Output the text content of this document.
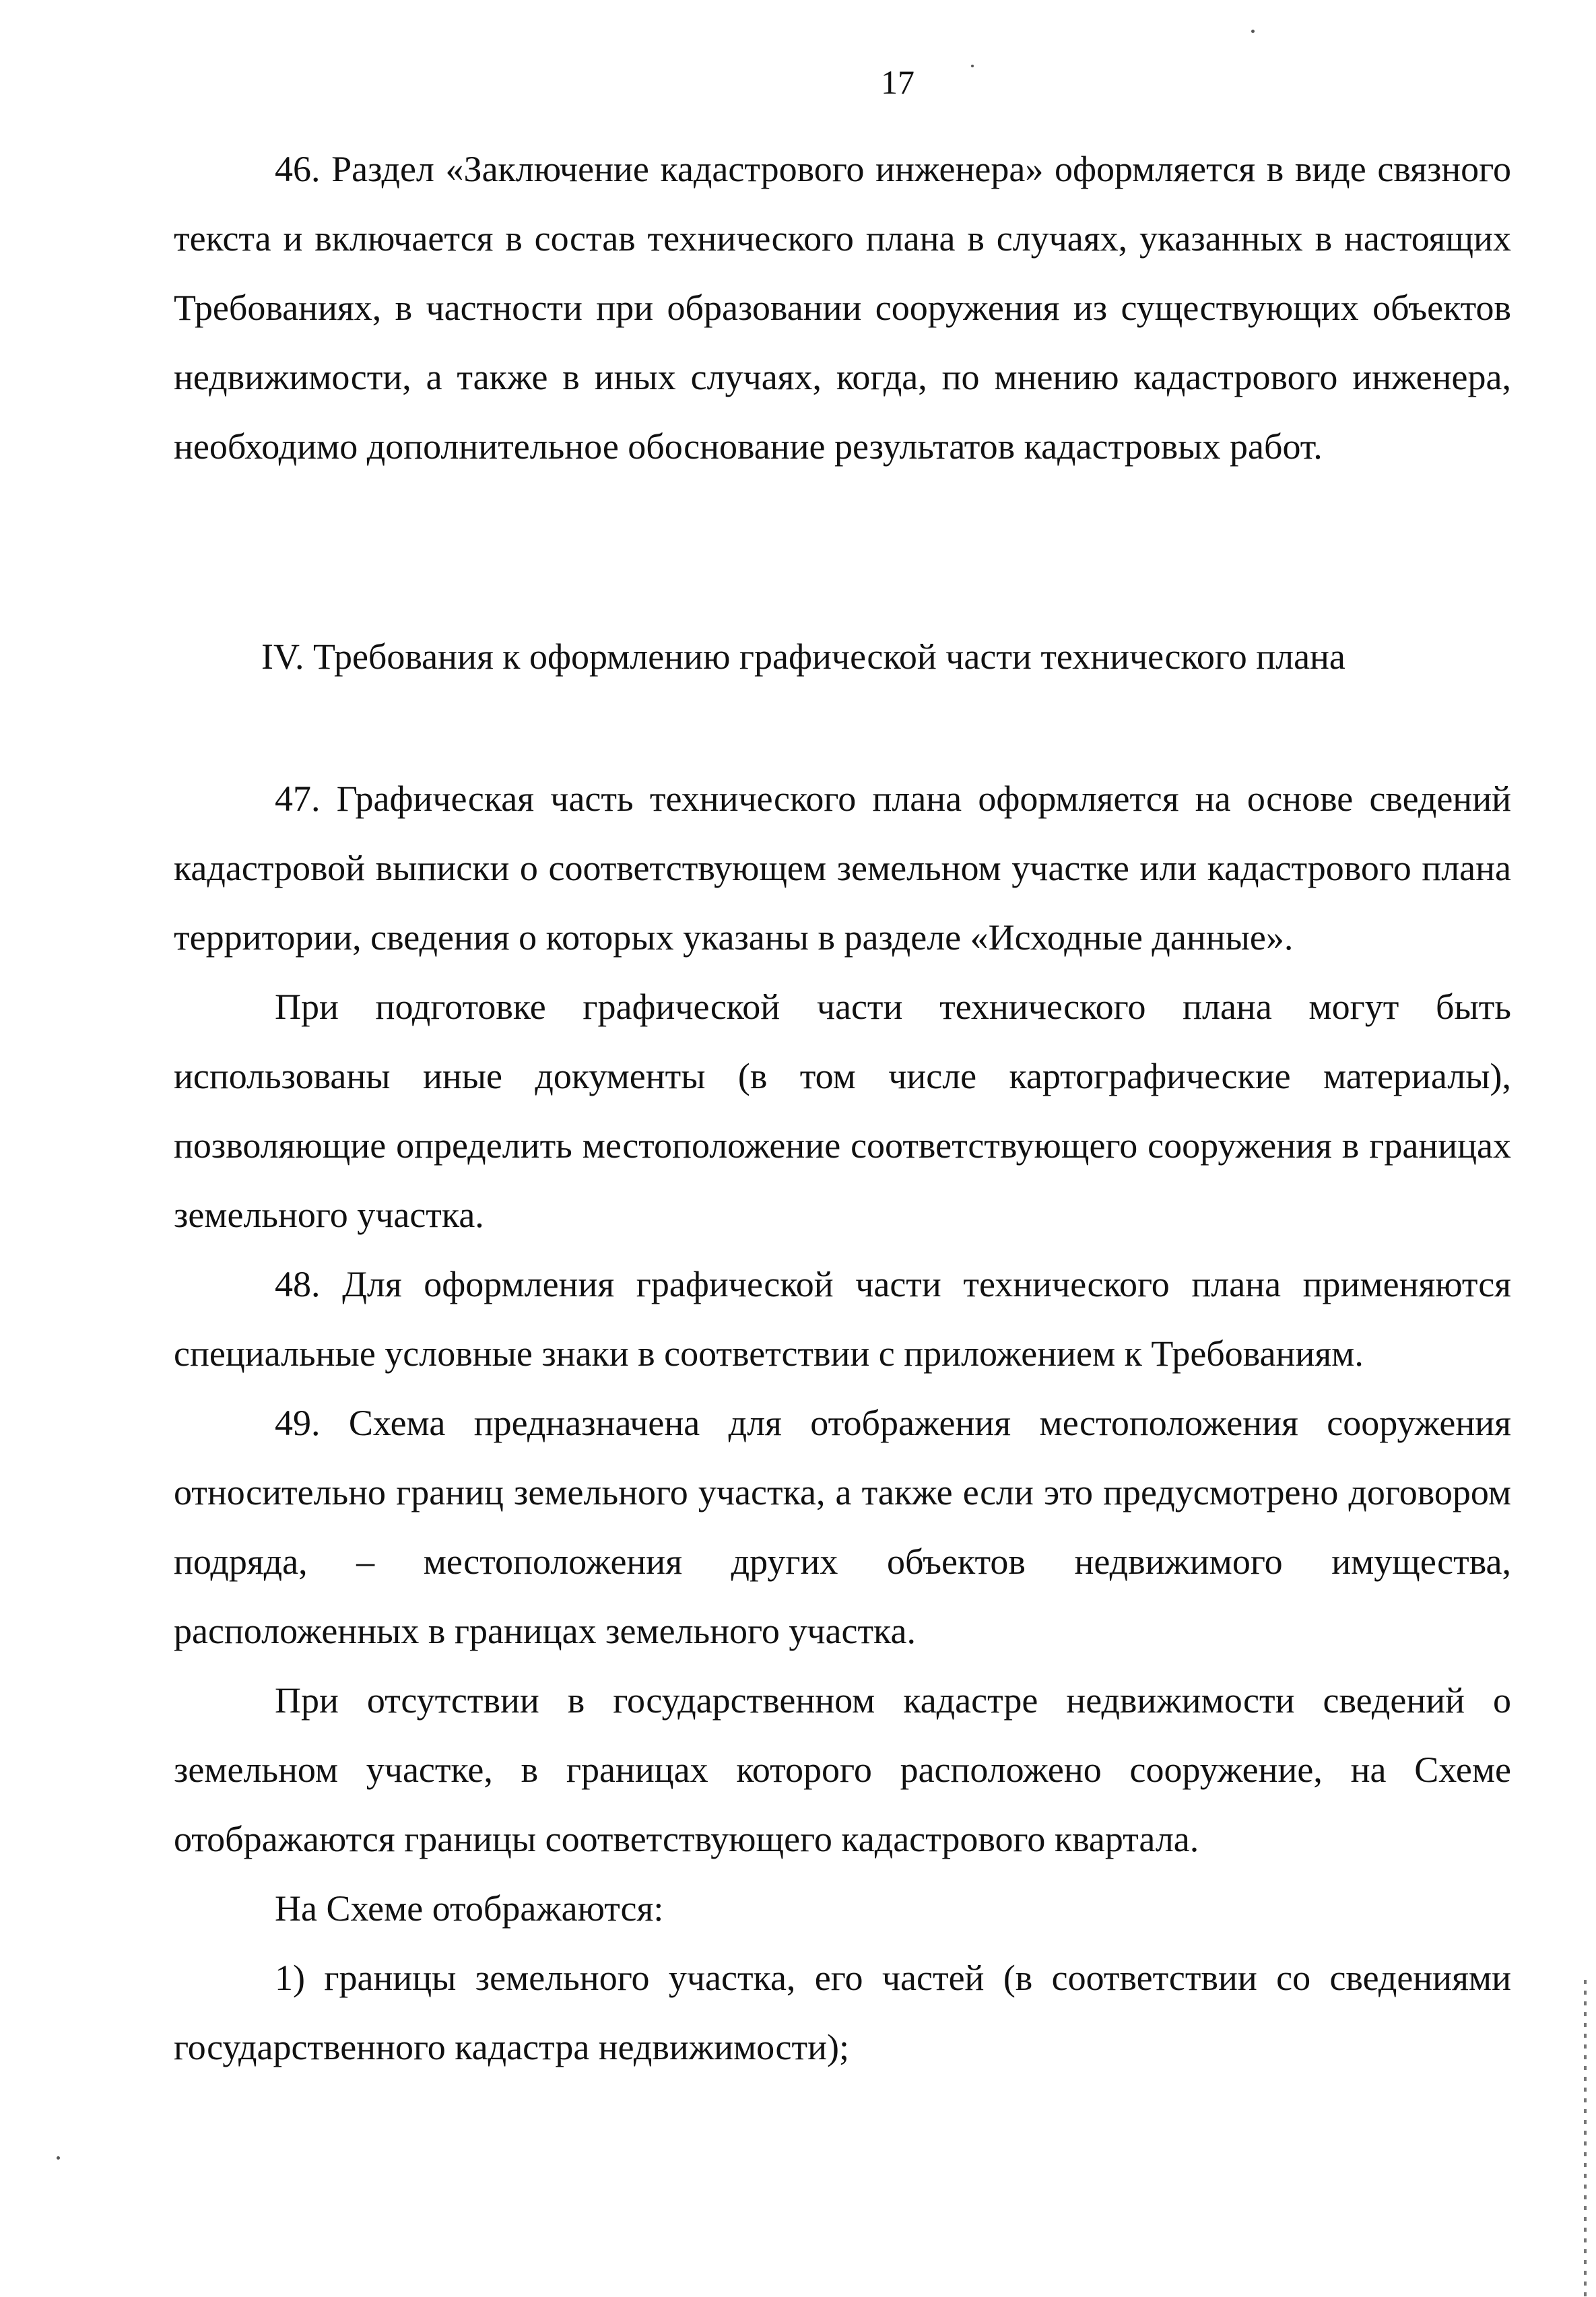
17

46. Раздел «Заключение кадастрового инженера» оформляется в виде связного текста и включается в состав технического плана в случаях, указанных в настоящих Требованиях, в частности при образовании сооружения из существующих объектов недвижимости, а также в иных случаях, когда, по мнению кадастрового инженера, необходимо дополнительное обоснование результатов кадастровых работ.

IV. Требования к оформлению графической части технического плана

47. Графическая часть технического плана оформляется на основе сведений кадастровой выписки о соответствующем земельном участке или кадастрового плана территории, сведения о которых указаны в разделе «Исходные данные».

При подготовке графической части технического плана могут быть использованы иные документы (в том числе картографические материалы), позволяющие определить местоположение соответствующего сооружения в границах земельного участка.

48. Для оформления графической части технического плана применяются специальные условные знаки в соответствии с приложением к Требованиям.

49. Схема предназначена для отображения местоположения сооружения относительно границ земельного участка, а также если это предусмотрено договором подряда, – местоположения других объектов недвижимого имущества, расположенных в границах земельного участка.

При отсутствии в государственном кадастре недвижимости сведений о земельном участке, в границах которого расположено сооружение, на Схеме отображаются границы соответствующего кадастрового квартала.

На Схеме отображаются:

1) границы земельного участка, его частей (в соответствии со сведениями государственного кадастра недвижимости);
